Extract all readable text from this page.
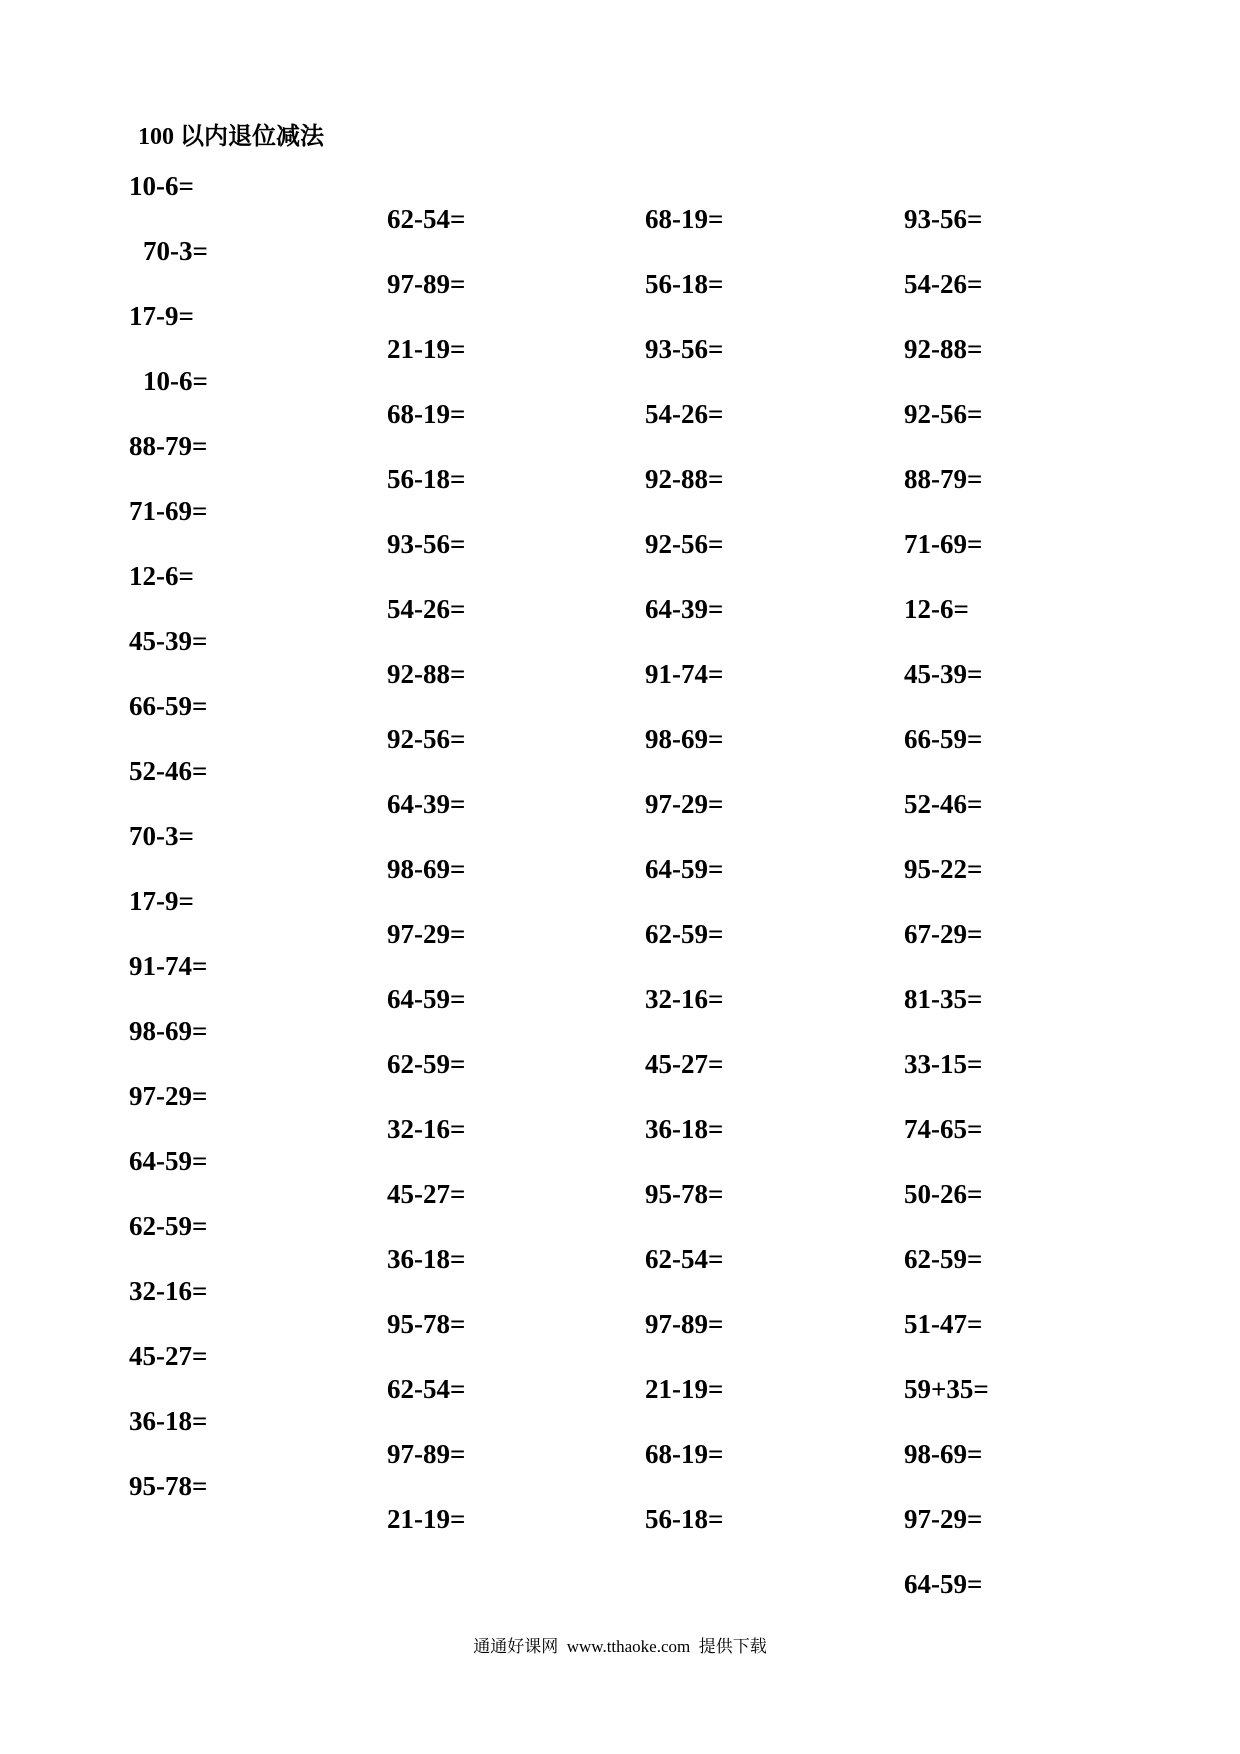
100 以内退位减法
10-6=
70-3=
17-9=
10-6=
88-79=
71-69=
12-6=
45-39=
66-59=
52-46=
70-3=
17-9=
91-74=
98-69=
97-29=
64-59=
62-59=
32-16=
45-27=
36-18=
95-78=
62-54=
97-89=
21-19=
68-19=
56-18=
93-56=
54-26=
92-88=
92-56=
64-39=
98-69=
97-29=
64-59=
62-59=
32-16=
45-27=
36-18=
95-78=
62-54=
97-89=
21-19=
68-19=
56-18=
93-56=
54-26=
92-88=
92-56=
64-39=
91-74=
98-69=
97-29=
64-59=
62-59=
32-16=
45-27=
36-18=
95-78=
62-54=
97-89=
21-19=
68-19=
56-18=
93-56=
54-26=
92-88=
92-56=
88-79=
71-69=
12-6=
45-39=
66-59=
52-46=
95-22=
67-29=
81-35=
33-15=
74-65=
50-26=
62-59=
51-47=
59+35=
98-69=
97-29=
64-59=
通通好课网  www.tthaoke.com  提供下载
